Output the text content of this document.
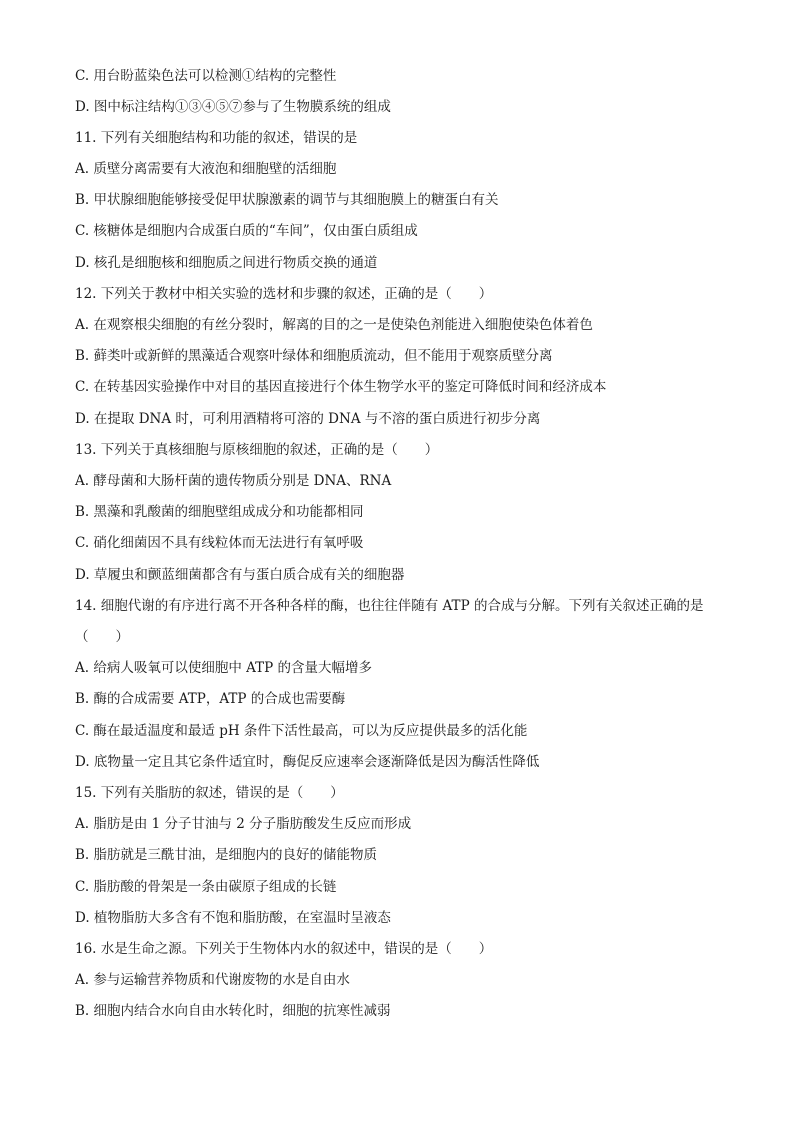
C. 用台盼蓝染色法可以检测①结构的完整性
D. 图中标注结构①③④⑤⑦参与了生物膜系统的组成
11. 下列有关细胞结构和功能的叙述，错误的是
A. 质壁分离需要有大液泡和细胞壁的活细胞
B. 甲状腺细胞能够接受促甲状腺激素的调节与其细胞膜上的糖蛋白有关
C. 核糖体是细胞内合成蛋白质的“车间”，仅由蛋白质组成
D. 核孔是细胞核和细胞质之间进行物质交换的通道
12. 下列关于教材中相关实验的选材和步骤的叙述，正确的是（　　）
A. 在观察根尖细胞的有丝分裂时，解离的目的之一是使染色剂能进入细胞使染色体着色
B. 藓类叶或新鲜的黑藻适合观察叶绿体和细胞质流动，但不能用于观察质壁分离
C. 在转基因实验操作中对目的基因直接进行个体生物学水平的鉴定可降低时间和经济成本
D. 在提取 DNA 时，可利用酒精将可溶的 DNA 与不溶的蛋白质进行初步分离
13. 下列关于真核细胞与原核细胞的叙述，正确的是（　　）
A. 酵母菌和大肠杆菌的遗传物质分别是 DNA、RNA
B. 黑藻和乳酸菌的细胞壁组成成分和功能都相同
C. 硝化细菌因不具有线粒体而无法进行有氧呼吸
D. 草履虫和颤蓝细菌都含有与蛋白质合成有关的细胞器
14. 细胞代谢的有序进行离不开各种各样的酶，也往往伴随有 ATP 的合成与分解。下列有关叙述正确的是
（　　）
A. 给病人吸氧可以使细胞中 ATP 的含量大幅增多
B. 酶的合成需要 ATP，ATP 的合成也需要酶
C. 酶在最适温度和最适 pH 条件下活性最高，可以为反应提供最多的活化能
D. 底物量一定且其它条件适宜时，酶促反应速率会逐渐降低是因为酶活性降低
15. 下列有关脂肪的叙述，错误的是（　　）
A. 脂肪是由 1 分子甘油与 2 分子脂肪酸发生反应而形成
B. 脂肪就是三酰甘油，是细胞内的良好的储能物质
C. 脂肪酸的骨架是一条由碳原子组成的长链
D. 植物脂肪大多含有不饱和脂肪酸，在室温时呈液态
16. 水是生命之源。下列关于生物体内水的叙述中，错误的是（　　）
A. 参与运输营养物质和代谢废物的水是自由水
B. 细胞内结合水向自由水转化时，细胞的抗寒性减弱
